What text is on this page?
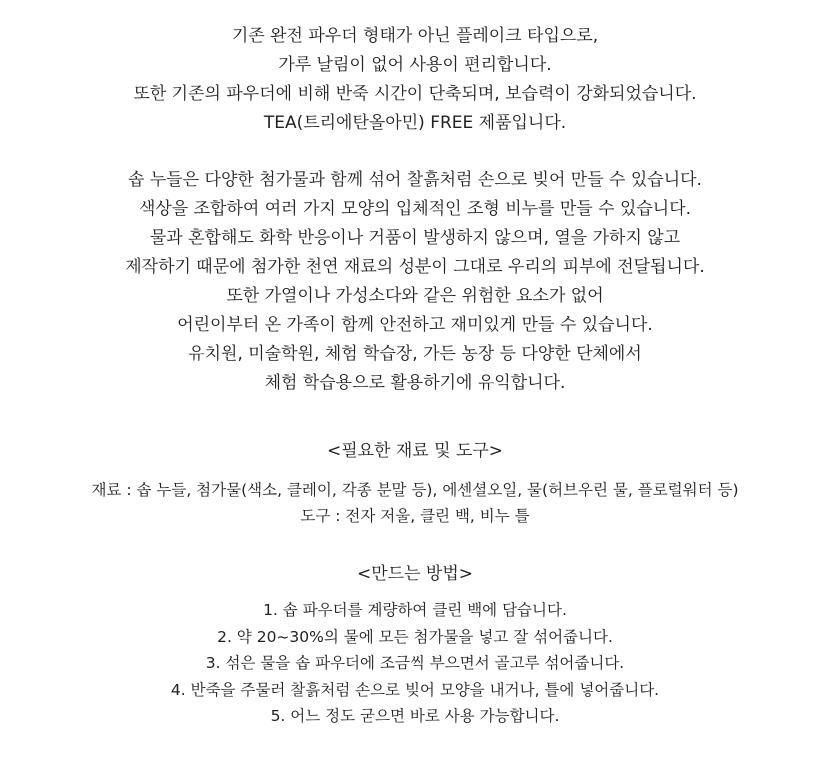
기존 완전 파우더 형태가 아닌 플레이크 타입으로,
가루 날림이 없어 사용이 편리합니다.
또한 기존의 파우더에 비해 반죽 시간이 단축되며, 보습력이 강화되었습니다.
TEA(트리에탄올아민) FREE 제품입니다.
솝 누들은 다양한 첨가물과 함께 섞어 찰흙처럼 손으로 빚어 만들 수 있습니다.
색상을 조합하여 여러 가지 모양의 입체적인 조형 비누를 만들 수 있습니다.
물과 혼합해도 화학 반응이나 거품이 발생하지 않으며, 열을 가하지 않고
제작하기 때문에 첨가한 천연 재료의 성분이 그대로 우리의 피부에 전달됩니다.
또한 가열이나 가성소다와 같은 위험한 요소가 없어
어린이부터 온 가족이 함께 안전하고 재미있게 만들 수 있습니다.
유치원, 미술학원, 체험 학습장, 가든 농장 등 다양한 단체에서
체험 학습용으로 활용하기에 유익합니다.
<필요한 재료 및 도구>
재료 : 솝 누들, 첨가물(색소, 클레이, 각종 분말 등), 에센셜오일, 물(허브우린 물, 플로럴워터 등)
도구 : 전자 저울, 클린 백, 비누 틀
<만드는 방법>
1. 솝 파우더를 계량하여 클린 백에 담습니다.
2. 약 20~30%의 물에 모든 첨가물을 넣고 잘 섞어줍니다.
3. 섞은 물을 솝 파우더에 조금씩 부으면서 골고루 섞어줍니다.
4. 반죽을 주물러 찰흙처럼 손으로 빚어 모양을 내거나, 틀에 넣어줍니다.
5. 어느 정도 굳으면 바로 사용 가능합니다.
